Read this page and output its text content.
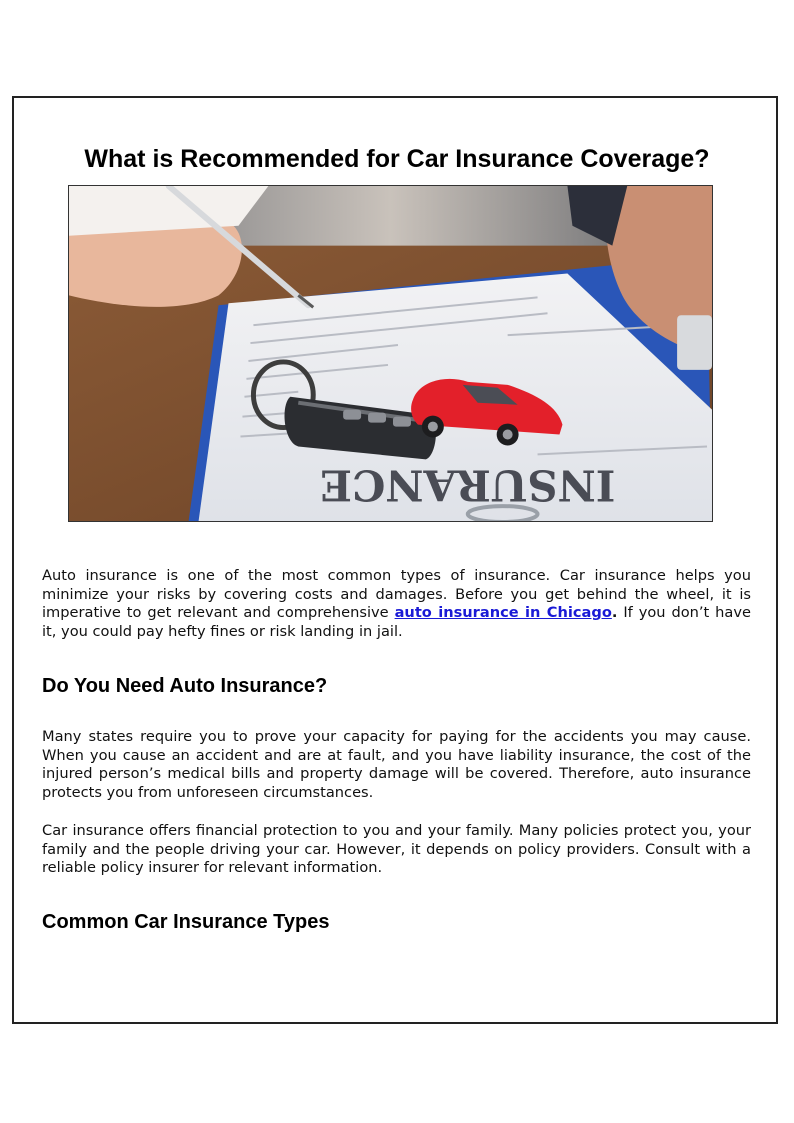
What is Recommended for Car Insurance Coverage?
INSURANCE

Auto insurance is one of the most common types of insurance. Car insurance helps you minimize your risks by covering costs and damages. Before you get behind the wheel, it is imperative to get relevant and comprehensive auto insurance in Chicago. If you don’t have it, you could pay hefty fines or risk landing in jail.

Do You Need Auto Insurance?

Many states require you to prove your capacity for paying for the accidents you may cause. When you cause an accident and are at fault, and you have liability insurance, the cost of the injured person’s medical bills and property damage will be covered. Therefore, auto insurance protects you from unforeseen circumstances.

Car insurance offers financial protection to you and your family. Many policies protect you, your family and the people driving your car. However, it depends on policy providers. Consult with a reliable policy insurer for relevant information.

Common Car Insurance Types
